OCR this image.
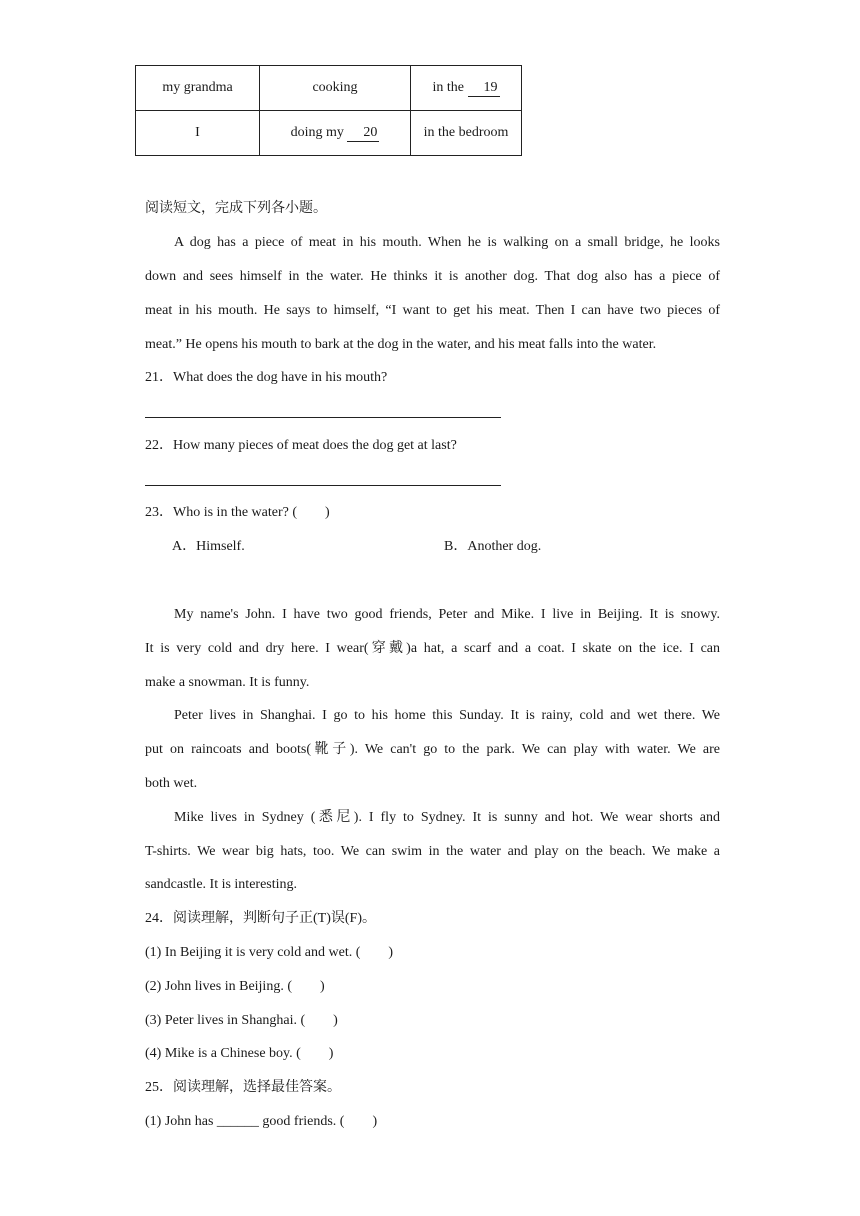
my grandma	cooking	in the 19
I	doing my 20	in the bedroom
阅读短文，完成下列各小题。
A dog has a piece of meat in his mouth. When he is walking on a small bridge, he looks
down and sees himself in the water. He thinks it is another dog. That dog also has a piece of
meat in his mouth. He says to himself, “I want to get his meat. Then I can have two pieces of
meat.” He opens his mouth to bark at the dog in the water, and his meat falls into the water.
21．What does the dog have in his mouth?
22．How many pieces of meat does the dog get at last?
23．Who is in the water? (　　)
A．Himself.	B．Another dog.
My name's John. I have two good friends, Peter and Mike. I live in Beijing. It is snowy.
It is very cold and dry here. I wear(穿戴)a hat, a scarf and a coat. I skate on the ice. I can
make a snowman. It is funny.
Peter lives in Shanghai. I go to his home this Sunday. It is rainy, cold and wet there. We
put on raincoats and boots(靴子). We can't go to the park. We can play with water. We are
both wet.
Mike lives in Sydney (悉尼). I fly to Sydney. It is sunny and hot. We wear shorts and
T-shirts. We wear big hats, too. We can swim in the water and play on the beach. We make a
sandcastle. It is interesting.
24．阅读理解，判断句子正(T)误(F)。
(1) In Beijing it is very cold and wet. (　　)
(2) John lives in Beijing. (　　)
(3) Peter lives in Shanghai. (　　)
(4) Mike is a Chinese boy. (　　)
25．阅读理解，选择最佳答案。
(1) John has ______ good friends. (　　)
